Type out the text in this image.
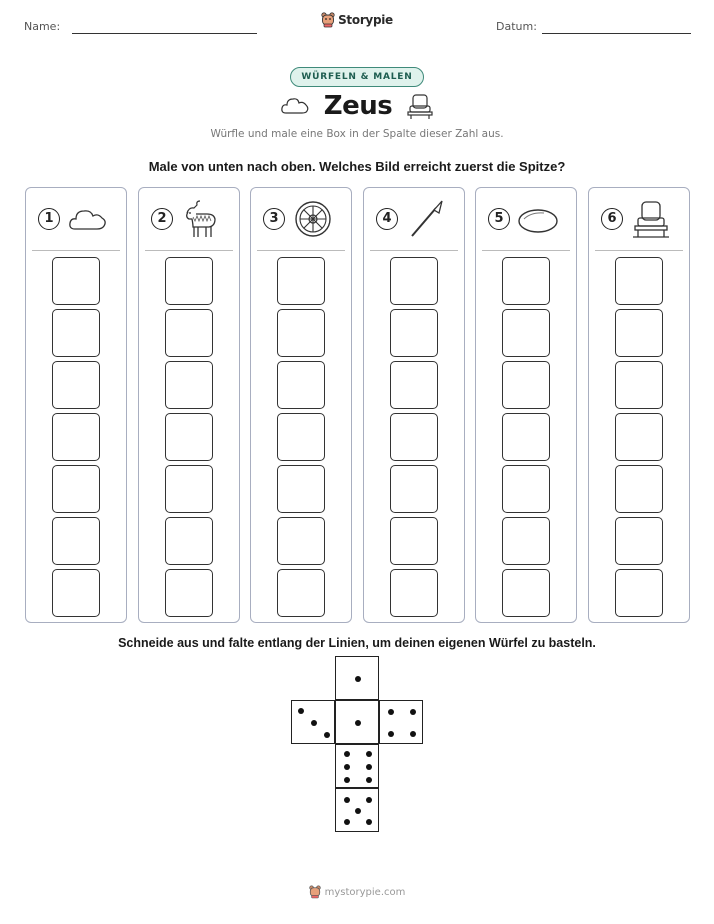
Name:	Storypie	Datum:
WÜRFELN & MALEN
Zeus
Würfle und male eine Box in der Spalte dieser Zahl aus.
Male von unten nach oben. Welches Bild erreicht zuerst die Spitze?
1	2	3	4	5	6
Schneide aus und falte entlang der Linien, um deinen eigenen Würfel zu basteln.
mystorypie.com
